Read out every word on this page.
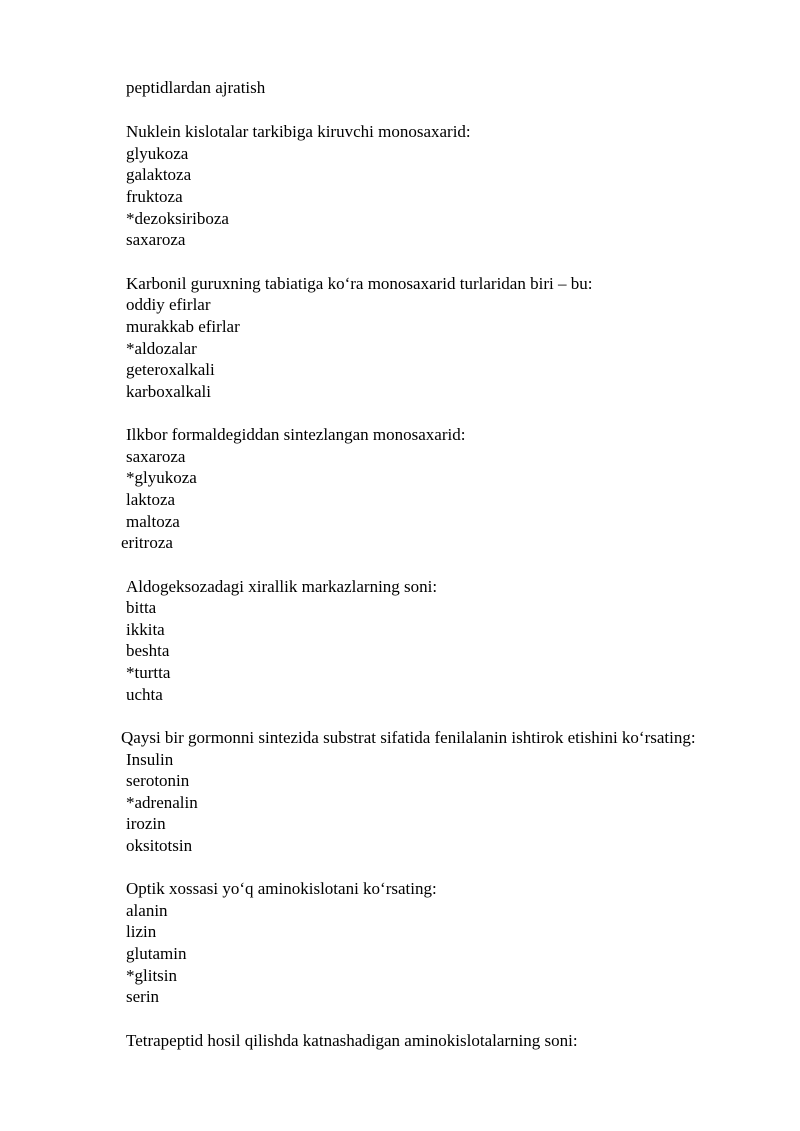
peptidlardan ajratish
Nuklein kislotalar tarkibiga kiruvchi monosaxarid:
glyukoza
galaktoza
fruktoza
*dezoksiriboza
saxaroza
Karbonil guruxning tabiatiga ko‘ra monosaxarid turlaridan biri – bu:
oddiy efirlar
murakkab efirlar
*aldozalar
geteroxalkali
karboxalkali
Ilkbor formaldegiddan sintezlangan monosaxarid:
saxaroza
*glyukoza
laktoza
maltoza
eritroza
Aldogeksozadagi xirallik markazlarning soni:
bitta
ikkita
beshta
*turtta
uchta
Qaysi bir gormonni sintezida substrat sifatida fenilalanin ishtirok etishini ko‘rsating:
Insulin
serotonin
*adrenalin
irozin
oksitotsin
Optik xossasi yo‘q aminokislotani ko‘rsating:
alanin
lizin
glutamin
*glitsin
serin
Tetrapeptid hosil qilishda katnashadigan aminokislotalarning soni:
